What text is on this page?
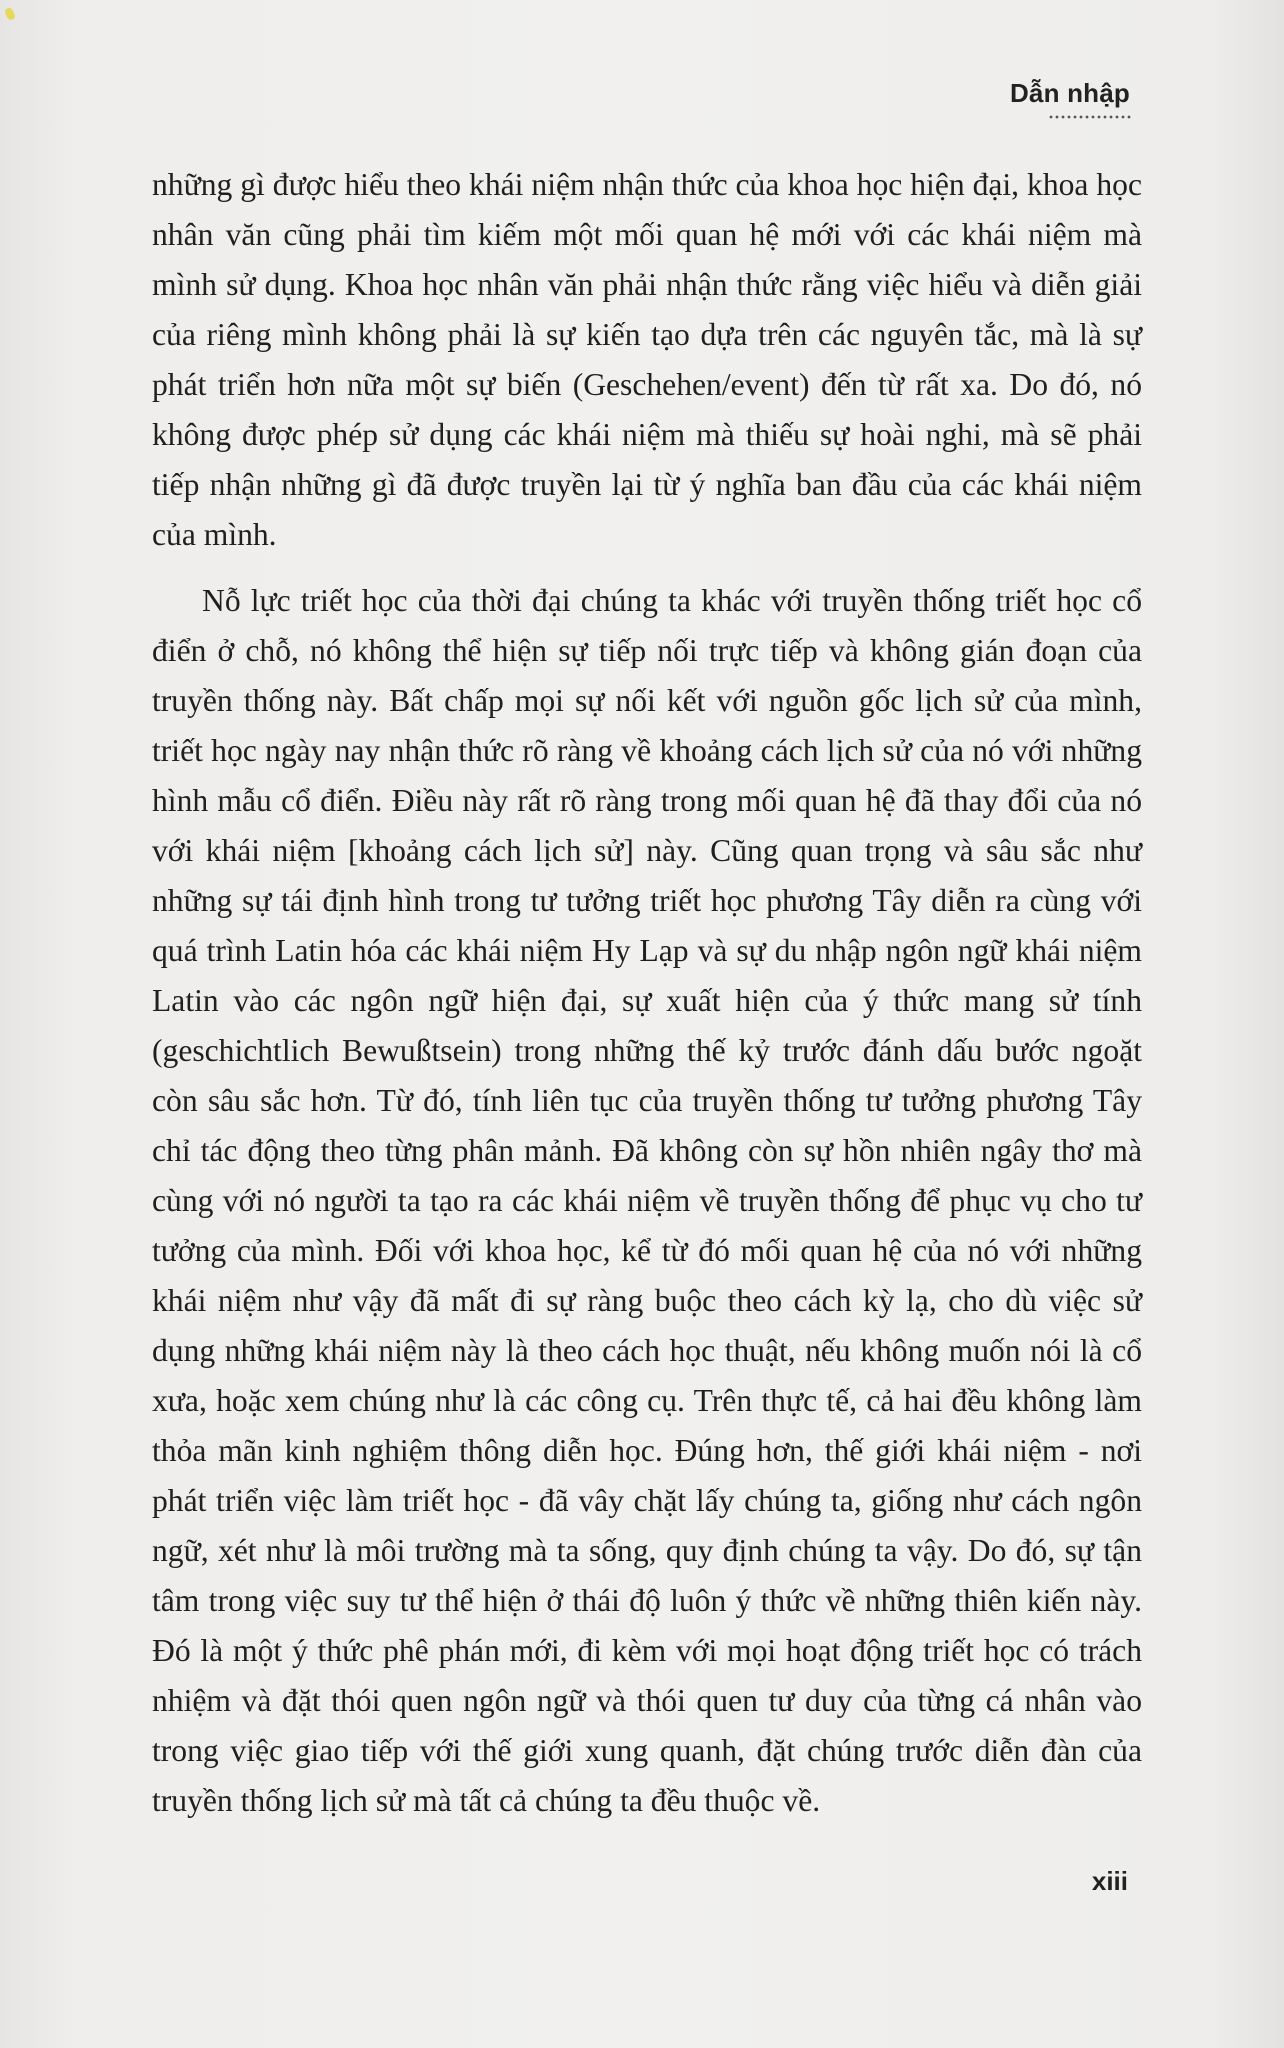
Dẫn nhập

những gì được hiểu theo khái niệm nhận thức của khoa học hiện đại, khoa học nhân văn cũng phải tìm kiếm một mối quan hệ mới với các khái niệm mà mình sử dụng. Khoa học nhân văn phải nhận thức rằng việc hiểu và diễn giải của riêng mình không phải là sự kiến tạo dựa trên các nguyên tắc, mà là sự phát triển hơn nữa một sự biến (Geschehen/event) đến từ rất xa. Do đó, nó không được phép sử dụng các khái niệm mà thiếu sự hoài nghi, mà sẽ phải tiếp nhận những gì đã được truyền lại từ ý nghĩa ban đầu của các khái niệm của mình.

Nỗ lực triết học của thời đại chúng ta khác với truyền thống triết học cổ điển ở chỗ, nó không thể hiện sự tiếp nối trực tiếp và không gián đoạn của truyền thống này. Bất chấp mọi sự nối kết với nguồn gốc lịch sử của mình, triết học ngày nay nhận thức rõ ràng về khoảng cách lịch sử của nó với những hình mẫu cổ điển. Điều này rất rõ ràng trong mối quan hệ đã thay đổi của nó với khái niệm [khoảng cách lịch sử] này. Cũng quan trọng và sâu sắc như những sự tái định hình trong tư tưởng triết học phương Tây diễn ra cùng với quá trình Latin hóa các khái niệm Hy Lạp và sự du nhập ngôn ngữ khái niệm Latin vào các ngôn ngữ hiện đại, sự xuất hiện của ý thức mang sử tính (geschichtlich Bewußtsein) trong những thế kỷ trước đánh dấu bước ngoặt còn sâu sắc hơn. Từ đó, tính liên tục của truyền thống tư tưởng phương Tây chỉ tác động theo từng phân mảnh. Đã không còn sự hồn nhiên ngây thơ mà cùng với nó người ta tạo ra các khái niệm về truyền thống để phục vụ cho tư tưởng của mình. Đối với khoa học, kể từ đó mối quan hệ của nó với những khái niệm như vậy đã mất đi sự ràng buộc theo cách kỳ lạ, cho dù việc sử dụng những khái niệm này là theo cách học thuật, nếu không muốn nói là cổ xưa, hoặc xem chúng như là các công cụ. Trên thực tế, cả hai đều không làm thỏa mãn kinh nghiệm thông diễn học. Đúng hơn, thế giới khái niệm - nơi phát triển việc làm triết học - đã vây chặt lấy chúng ta, giống như cách ngôn ngữ, xét như là môi trường mà ta sống, quy định chúng ta vậy. Do đó, sự tận tâm trong việc suy tư thể hiện ở thái độ luôn ý thức về những thiên kiến này. Đó là một ý thức phê phán mới, đi kèm với mọi hoạt động triết học có trách nhiệm và đặt thói quen ngôn ngữ và thói quen tư duy của từng cá nhân vào trong việc giao tiếp với thế giới xung quanh, đặt chúng trước diễn đàn của truyền thống lịch sử mà tất cả chúng ta đều thuộc về.

xiii
